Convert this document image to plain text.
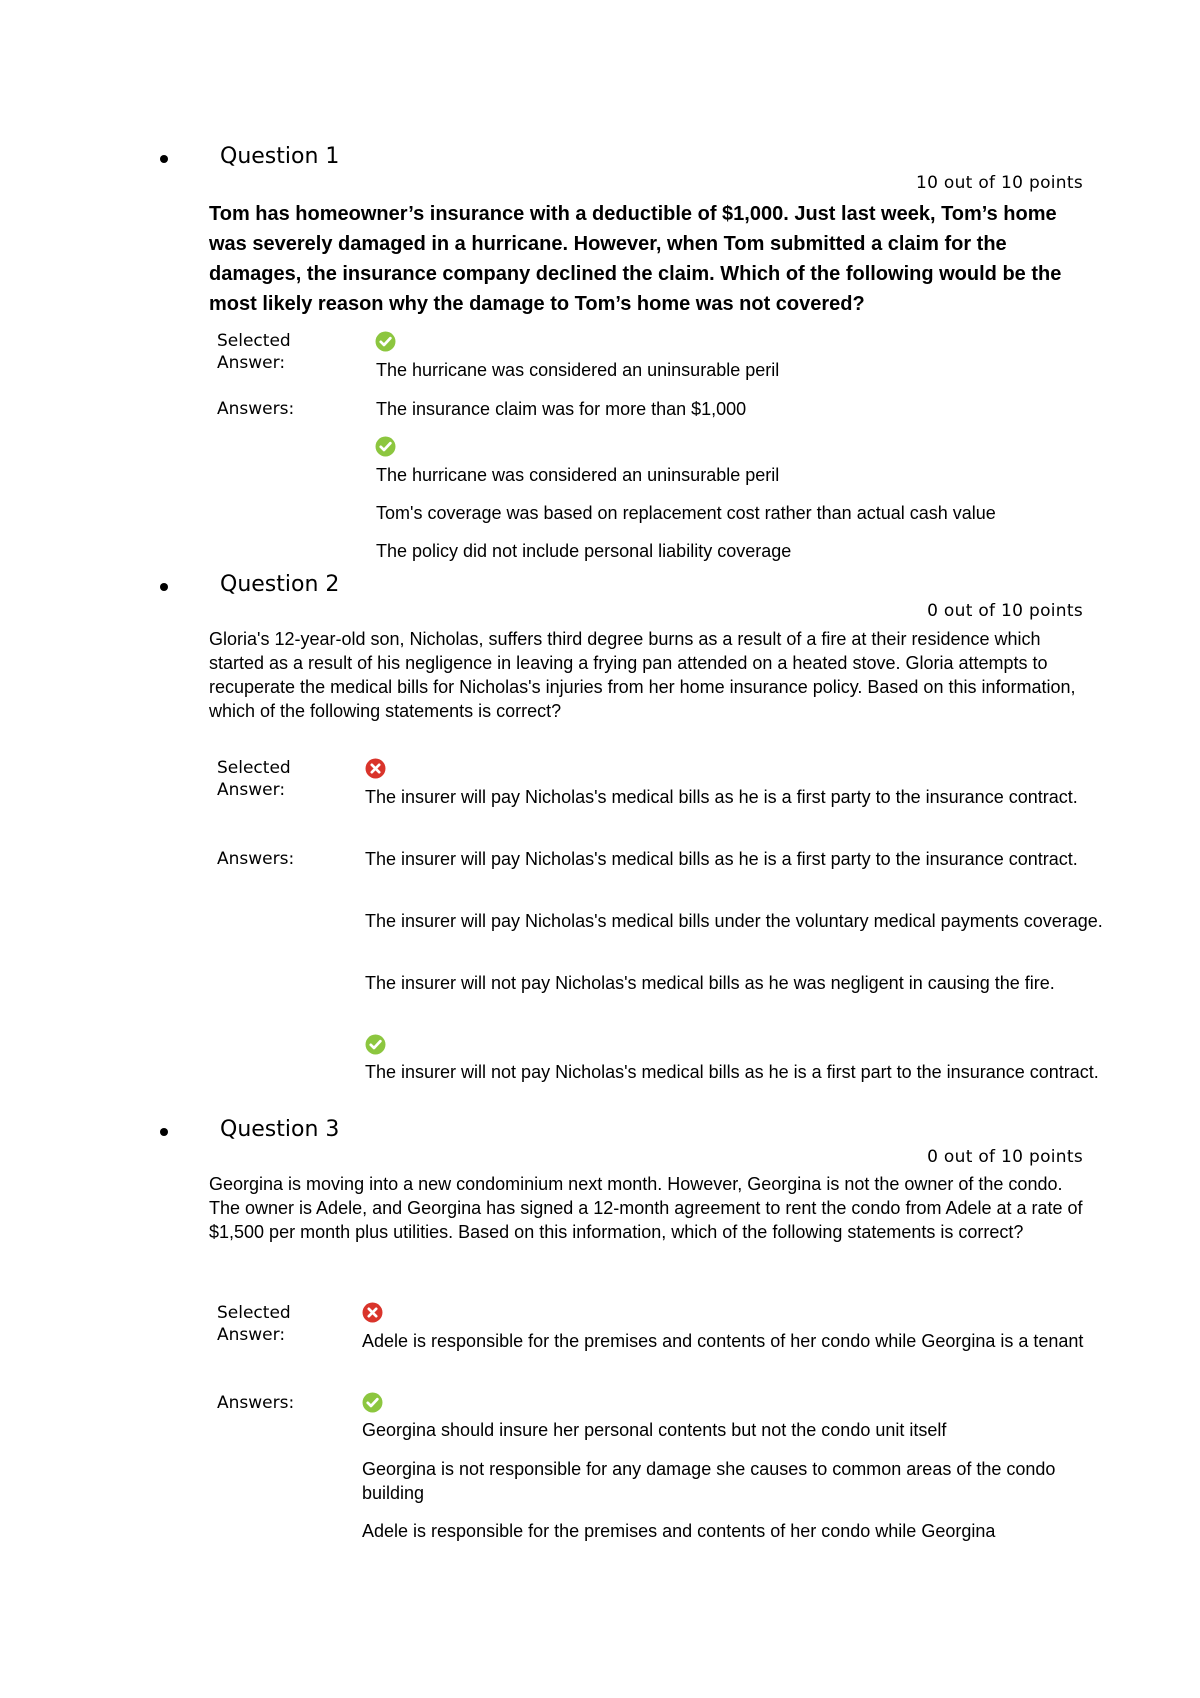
Question 1
10 out of 10 points
Tom has homeowner’s insurance with a deductible of $1,000. Just last week, Tom’s home was severely damaged in a hurricane. However, when Tom submitted a claim for the damages, the insurance company declined the claim. Which of the following would be the most likely reason why the damage to Tom’s home was not covered?
Selected Answer:	The hurricane was considered an uninsurable peril
Answers:	The insurance claim was for more than $1,000
The hurricane was considered an uninsurable peril
Tom's coverage was based on replacement cost rather than actual cash value
The policy did not include personal liability coverage
Question 2
0 out of 10 points
Gloria's 12-year-old son, Nicholas, suffers third degree burns as a result of a fire at their residence which started as a result of his negligence in leaving a frying pan attended on a heated stove. Gloria attempts to recuperate the medical bills for Nicholas's injuries from her home insurance policy. Based on this information, which of the following statements is correct?
Selected Answer:	The insurer will pay Nicholas's medical bills as he is a first party to the insurance contract.
Answers:	The insurer will pay Nicholas's medical bills as he is a first party to the insurance contract.
The insurer will pay Nicholas's medical bills under the voluntary medical payments coverage.
The insurer will not pay Nicholas's medical bills as he was negligent in causing the fire.
The insurer will not pay Nicholas's medical bills as he is a first part to the insurance contract.
Question 3
0 out of 10 points
Georgina is moving into a new condominium next month. However, Georgina is not the owner of the condo. The owner is Adele, and Georgina has signed a 12-month agreement to rent the condo from Adele at a rate of $1,500 per month plus utilities. Based on this information, which of the following statements is correct?
Selected Answer:	Adele is responsible for the premises and contents of her condo while Georgina is a tenant
Answers:
Georgina should insure her personal contents but not the condo unit itself
Georgina is not responsible for any damage she causes to common areas of the condo building
Adele is responsible for the premises and contents of her condo while Georgina
